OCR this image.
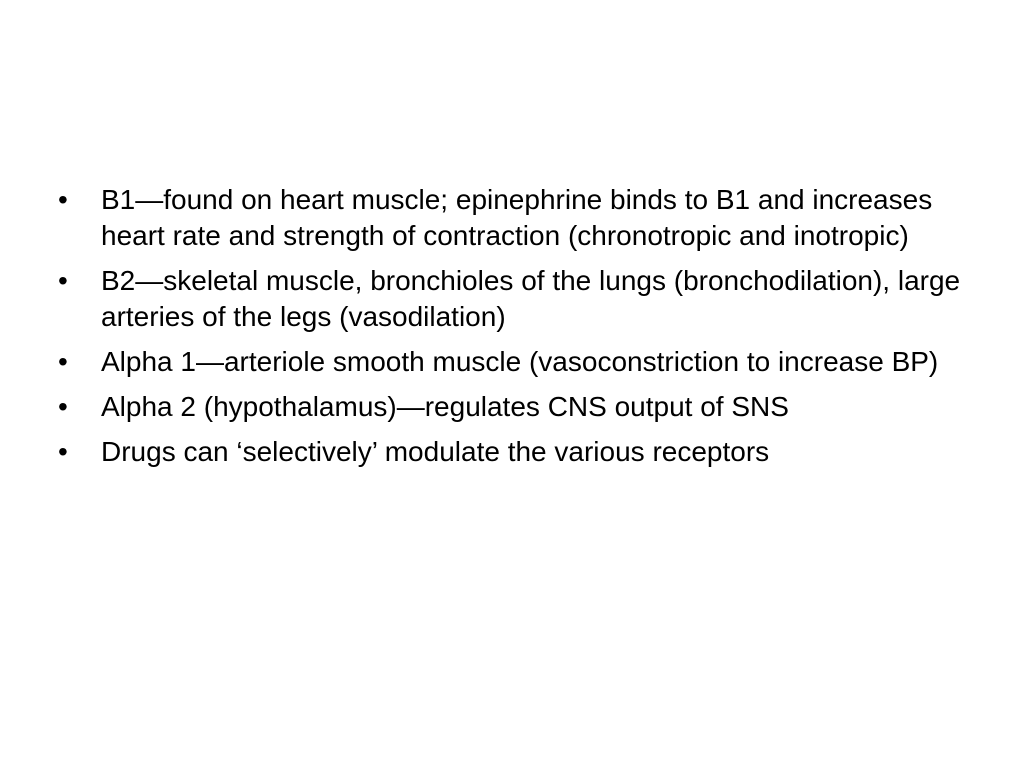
•	B1—found on heart muscle; epinephrine binds to B1 and increases heart rate and strength of contraction (chronotropic and inotropic)
•	B2—skeletal muscle, bronchioles of the lungs (bronchodilation), large arteries of the legs (vasodilation)
•	Alpha 1—arteriole smooth muscle (vasoconstriction to increase BP)
•	Alpha 2 (hypothalamus)—regulates CNS output of SNS
•	Drugs can ‘selectively’ modulate the various receptors
